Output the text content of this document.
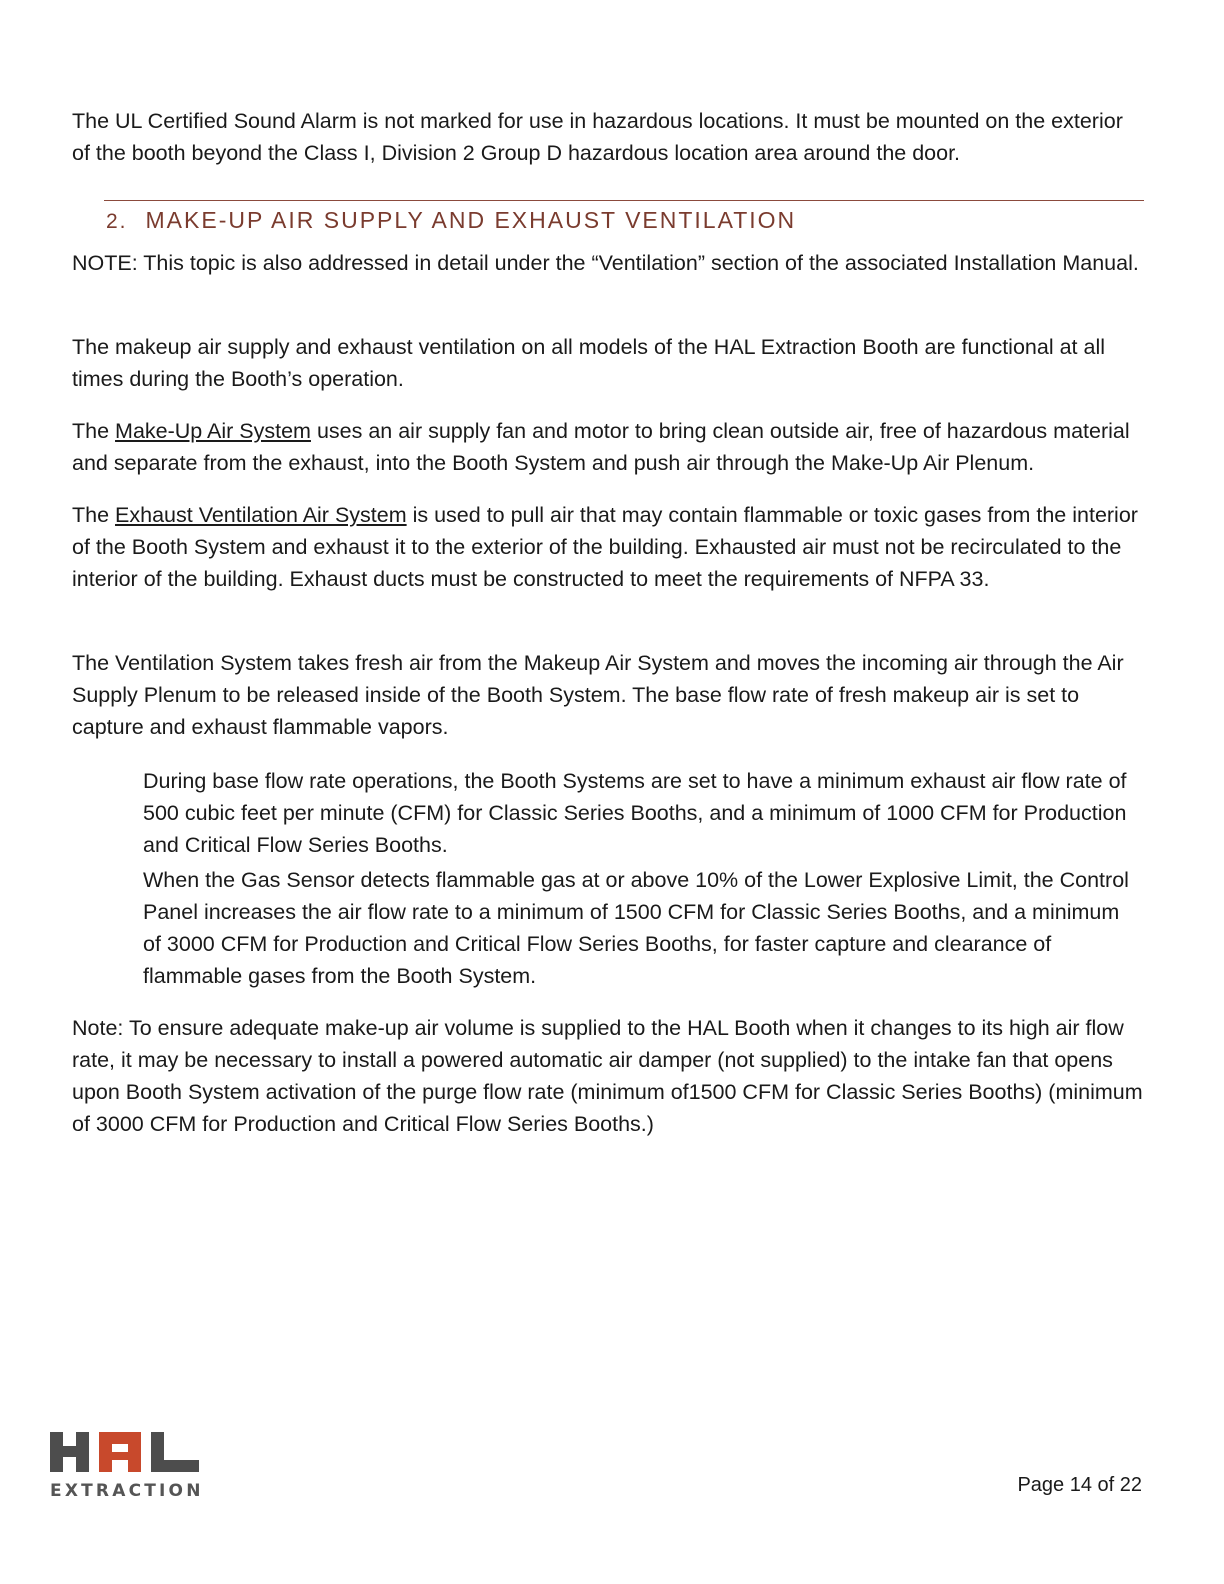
The UL Certified Sound Alarm is not marked for use in hazardous locations. It must be mounted on the exterior of the booth beyond the Class I, Division 2 Group D hazardous location area around the door.

2. MAKE-UP AIR SUPPLY AND EXHAUST VENTILATION

NOTE: This topic is also addressed in detail under the “Ventilation” section of the associated Installation Manual.

The makeup air supply and exhaust ventilation on all models of the HAL Extraction Booth are functional at all times during the Booth’s operation.

The Make-Up Air System uses an air supply fan and motor to bring clean outside air, free of hazardous material and separate from the exhaust, into the Booth System and push air through the Make-Up Air Plenum.

The Exhaust Ventilation Air System is used to pull air that may contain flammable or toxic gases from the interior of the Booth System and exhaust it to the exterior of the building. Exhausted air must not be recirculated to the interior of the building. Exhaust ducts must be constructed to meet the requirements of NFPA 33.

The Ventilation System takes fresh air from the Makeup Air System and moves the incoming air through the Air Supply Plenum to be released inside of the Booth System. The base flow rate of fresh makeup air is set to capture and exhaust flammable vapors.

During base flow rate operations, the Booth Systems are set to have a minimum exhaust air flow rate of 500 cubic feet per minute (CFM) for Classic Series Booths, and a minimum of 1000 CFM for Production and Critical Flow Series Booths.

When the Gas Sensor detects flammable gas at or above 10% of the Lower Explosive Limit, the Control Panel increases the air flow rate to a minimum of 1500 CFM for Classic Series Booths, and a minimum of 3000 CFM for Production and Critical Flow Series Booths, for faster capture and clearance of flammable gases from the Booth System.

Note: To ensure adequate make-up air volume is supplied to the HAL Booth when it changes to its high air flow rate, it may be necessary to install a powered automatic air damper (not supplied) to the intake fan that opens upon Booth System activation of the purge flow rate (minimum of1500 CFM for Classic Series Booths) (minimum of 3000 CFM for Production and Critical Flow Series Booths.)

EXTRACTION	Page 14 of 22
